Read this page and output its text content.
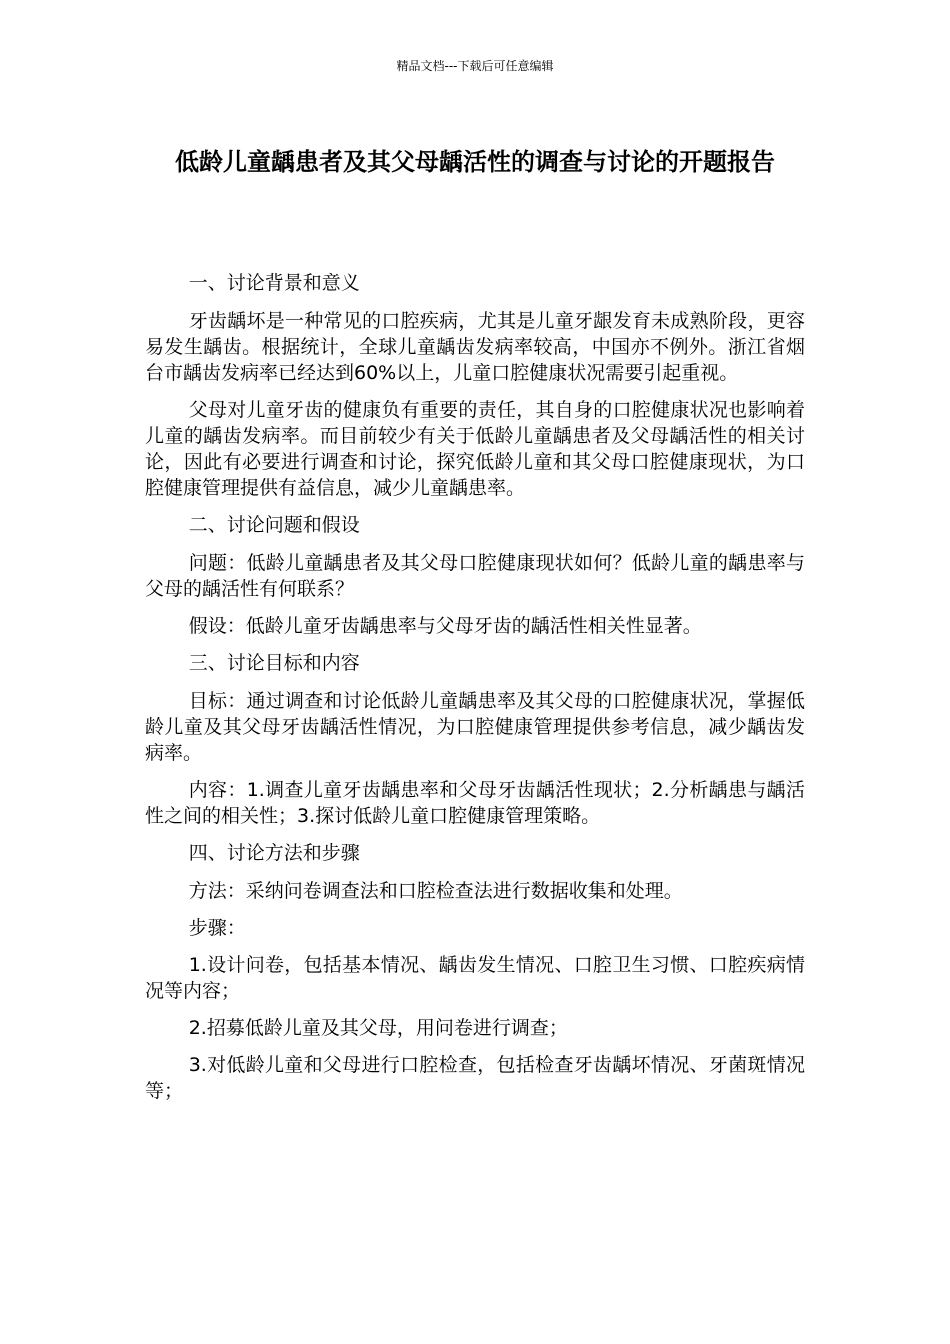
精品文档---下载后可任意编辑
低龄儿童龋患者及其父母龋活性的调查与讨论的开题报告

一、讨论背景和意义

牙齿龋坏是一种常见的口腔疾病，尤其是儿童牙龈发育未成熟阶段，更容易发生龋齿。根据统计，全球儿童龋齿发病率较高，中国亦不例外。浙江省烟台市龋齿发病率已经达到60%以上，儿童口腔健康状况需要引起重视。

父母对儿童牙齿的健康负有重要的责任，其自身的口腔健康状况也影响着儿童的龋齿发病率。而目前较少有关于低龄儿童龋患者及父母龋活性的相关讨论，因此有必要进行调查和讨论，探究低龄儿童和其父母口腔健康现状，为口腔健康管理提供有益信息，减少儿童龋患率。

二、讨论问题和假设

问题：低龄儿童龋患者及其父母口腔健康现状如何？低龄儿童的龋患率与父母的龋活性有何联系？

假设：低龄儿童牙齿龋患率与父母牙齿的龋活性相关性显著。

三、讨论目标和内容

目标：通过调查和讨论低龄儿童龋患率及其父母的口腔健康状况，掌握低龄儿童及其父母牙齿龋活性情况，为口腔健康管理提供参考信息，减少龋齿发病率。

内容：1.调查儿童牙齿龋患率和父母牙齿龋活性现状；2.分析龋患与龋活性之间的相关性；3.探讨低龄儿童口腔健康管理策略。

四、讨论方法和步骤

方法：采纳问卷调查法和口腔检查法进行数据收集和处理。

步骤：

1.设计问卷，包括基本情况、龋齿发生情况、口腔卫生习惯、口腔疾病情况等内容；

2.招募低龄儿童及其父母，用问卷进行调查；

3.对低龄儿童和父母进行口腔检查，包括检查牙齿龋坏情况、牙菌斑情况等；
